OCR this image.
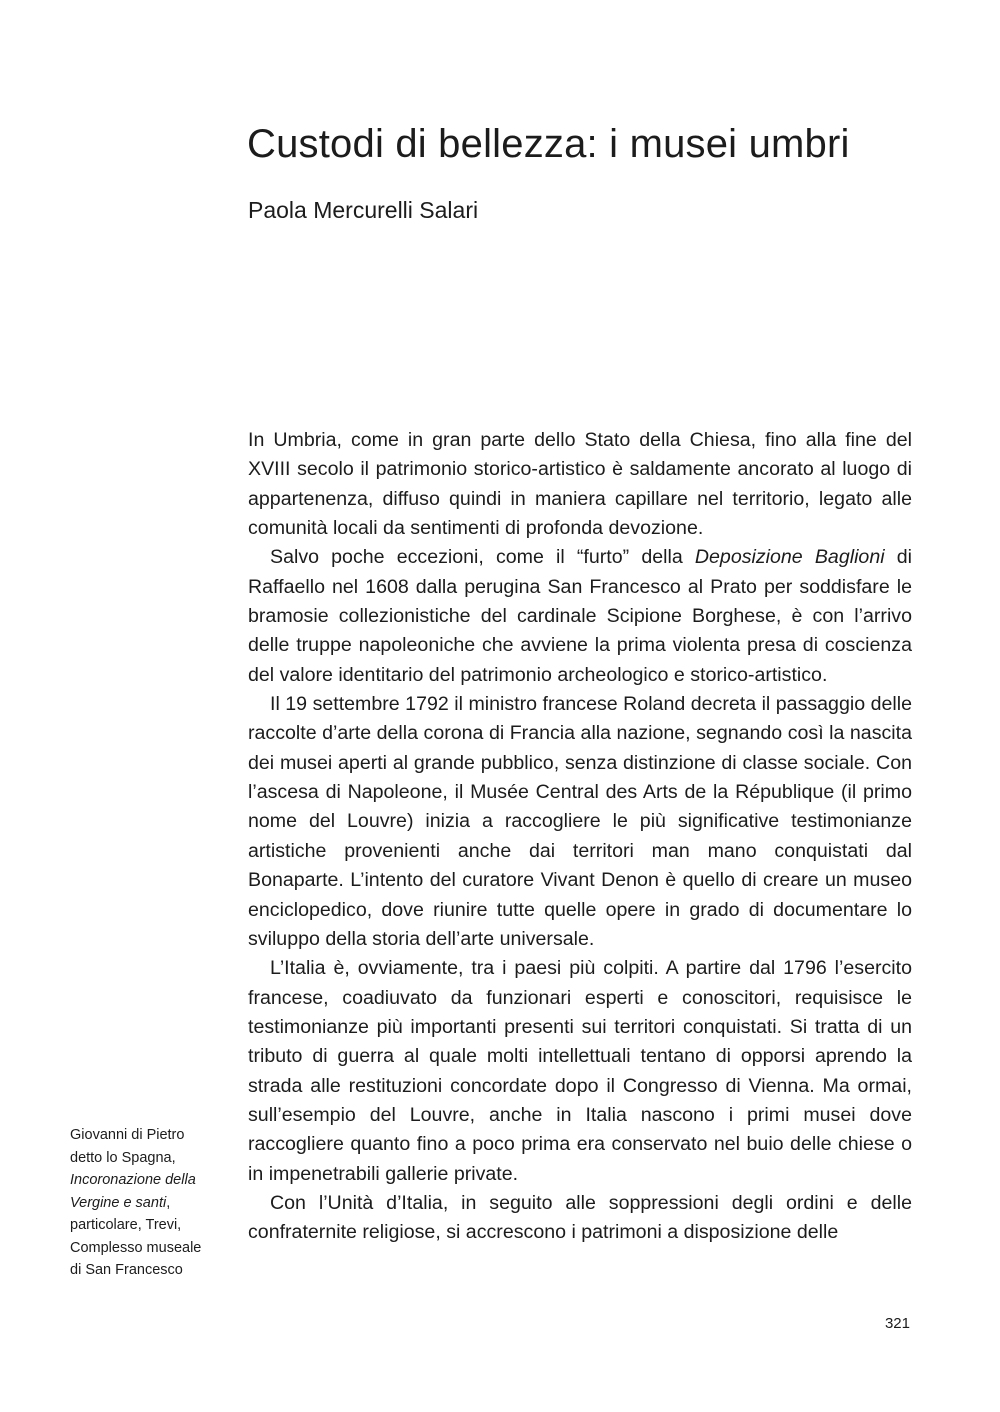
Custodi di bellezza: i musei umbri
Paola Mercurelli Salari

In Umbria, come in gran parte dello Stato della Chiesa, fino alla fine del XVIII secolo il patrimonio storico-artistico è saldamente ancorato al luogo di appartenenza, diffuso quindi in maniera capillare nel territorio, legato alle comunità locali da sentimenti di profonda devozione.

Salvo poche eccezioni, come il “furto” della Deposizione Baglioni di Raffaello nel 1608 dalla perugina San Francesco al Prato per soddisfare le bramosie collezionistiche del cardinale Scipione Borghese, è con l’arrivo delle truppe napoleoniche che avviene la prima violenta presa di coscienza del valore identitario del patrimonio archeologico e storico-artistico.

Il 19 settembre 1792 il ministro francese Roland decreta il passaggio delle raccolte d’arte della corona di Francia alla nazione, segnando così la nascita dei musei aperti al grande pubblico, senza distinzione di classe sociale. Con l’ascesa di Napoleone, il Musée Central des Arts de la République (il primo nome del Louvre) inizia a raccogliere le più significative testimonianze artistiche provenienti anche dai territori man mano conquistati dal Bonaparte. L’intento del curatore Vivant Denon è quello di creare un museo enciclopedico, dove riunire tutte quelle opere in grado di documentare lo sviluppo della storia dell’arte universale.

L’Italia è, ovviamente, tra i paesi più colpiti. A partire dal 1796 l’esercito francese, coadiuvato da funzionari esperti e conoscitori, requisisce le testimonianze più importanti presenti sui territori conquistati. Si tratta di un tributo di guerra al quale molti intellettuali tentano di opporsi aprendo la strada alle restituzioni concordate dopo il Congresso di Vienna. Ma ormai, sull’esempio del Louvre, anche in Italia nascono i primi musei dove raccogliere quanto fino a poco prima era conservato nel buio delle chiese o in impenetrabili gallerie private.

Con l’Unità d’Italia, in seguito alle soppressioni degli ordini e delle confraternite religiose, si accrescono i patrimoni a disposizione delle

Giovanni di Pietro
detto lo Spagna,
Incoronazione della
Vergine e santi,
particolare, Trevi,
Complesso museale
di San Francesco
321
